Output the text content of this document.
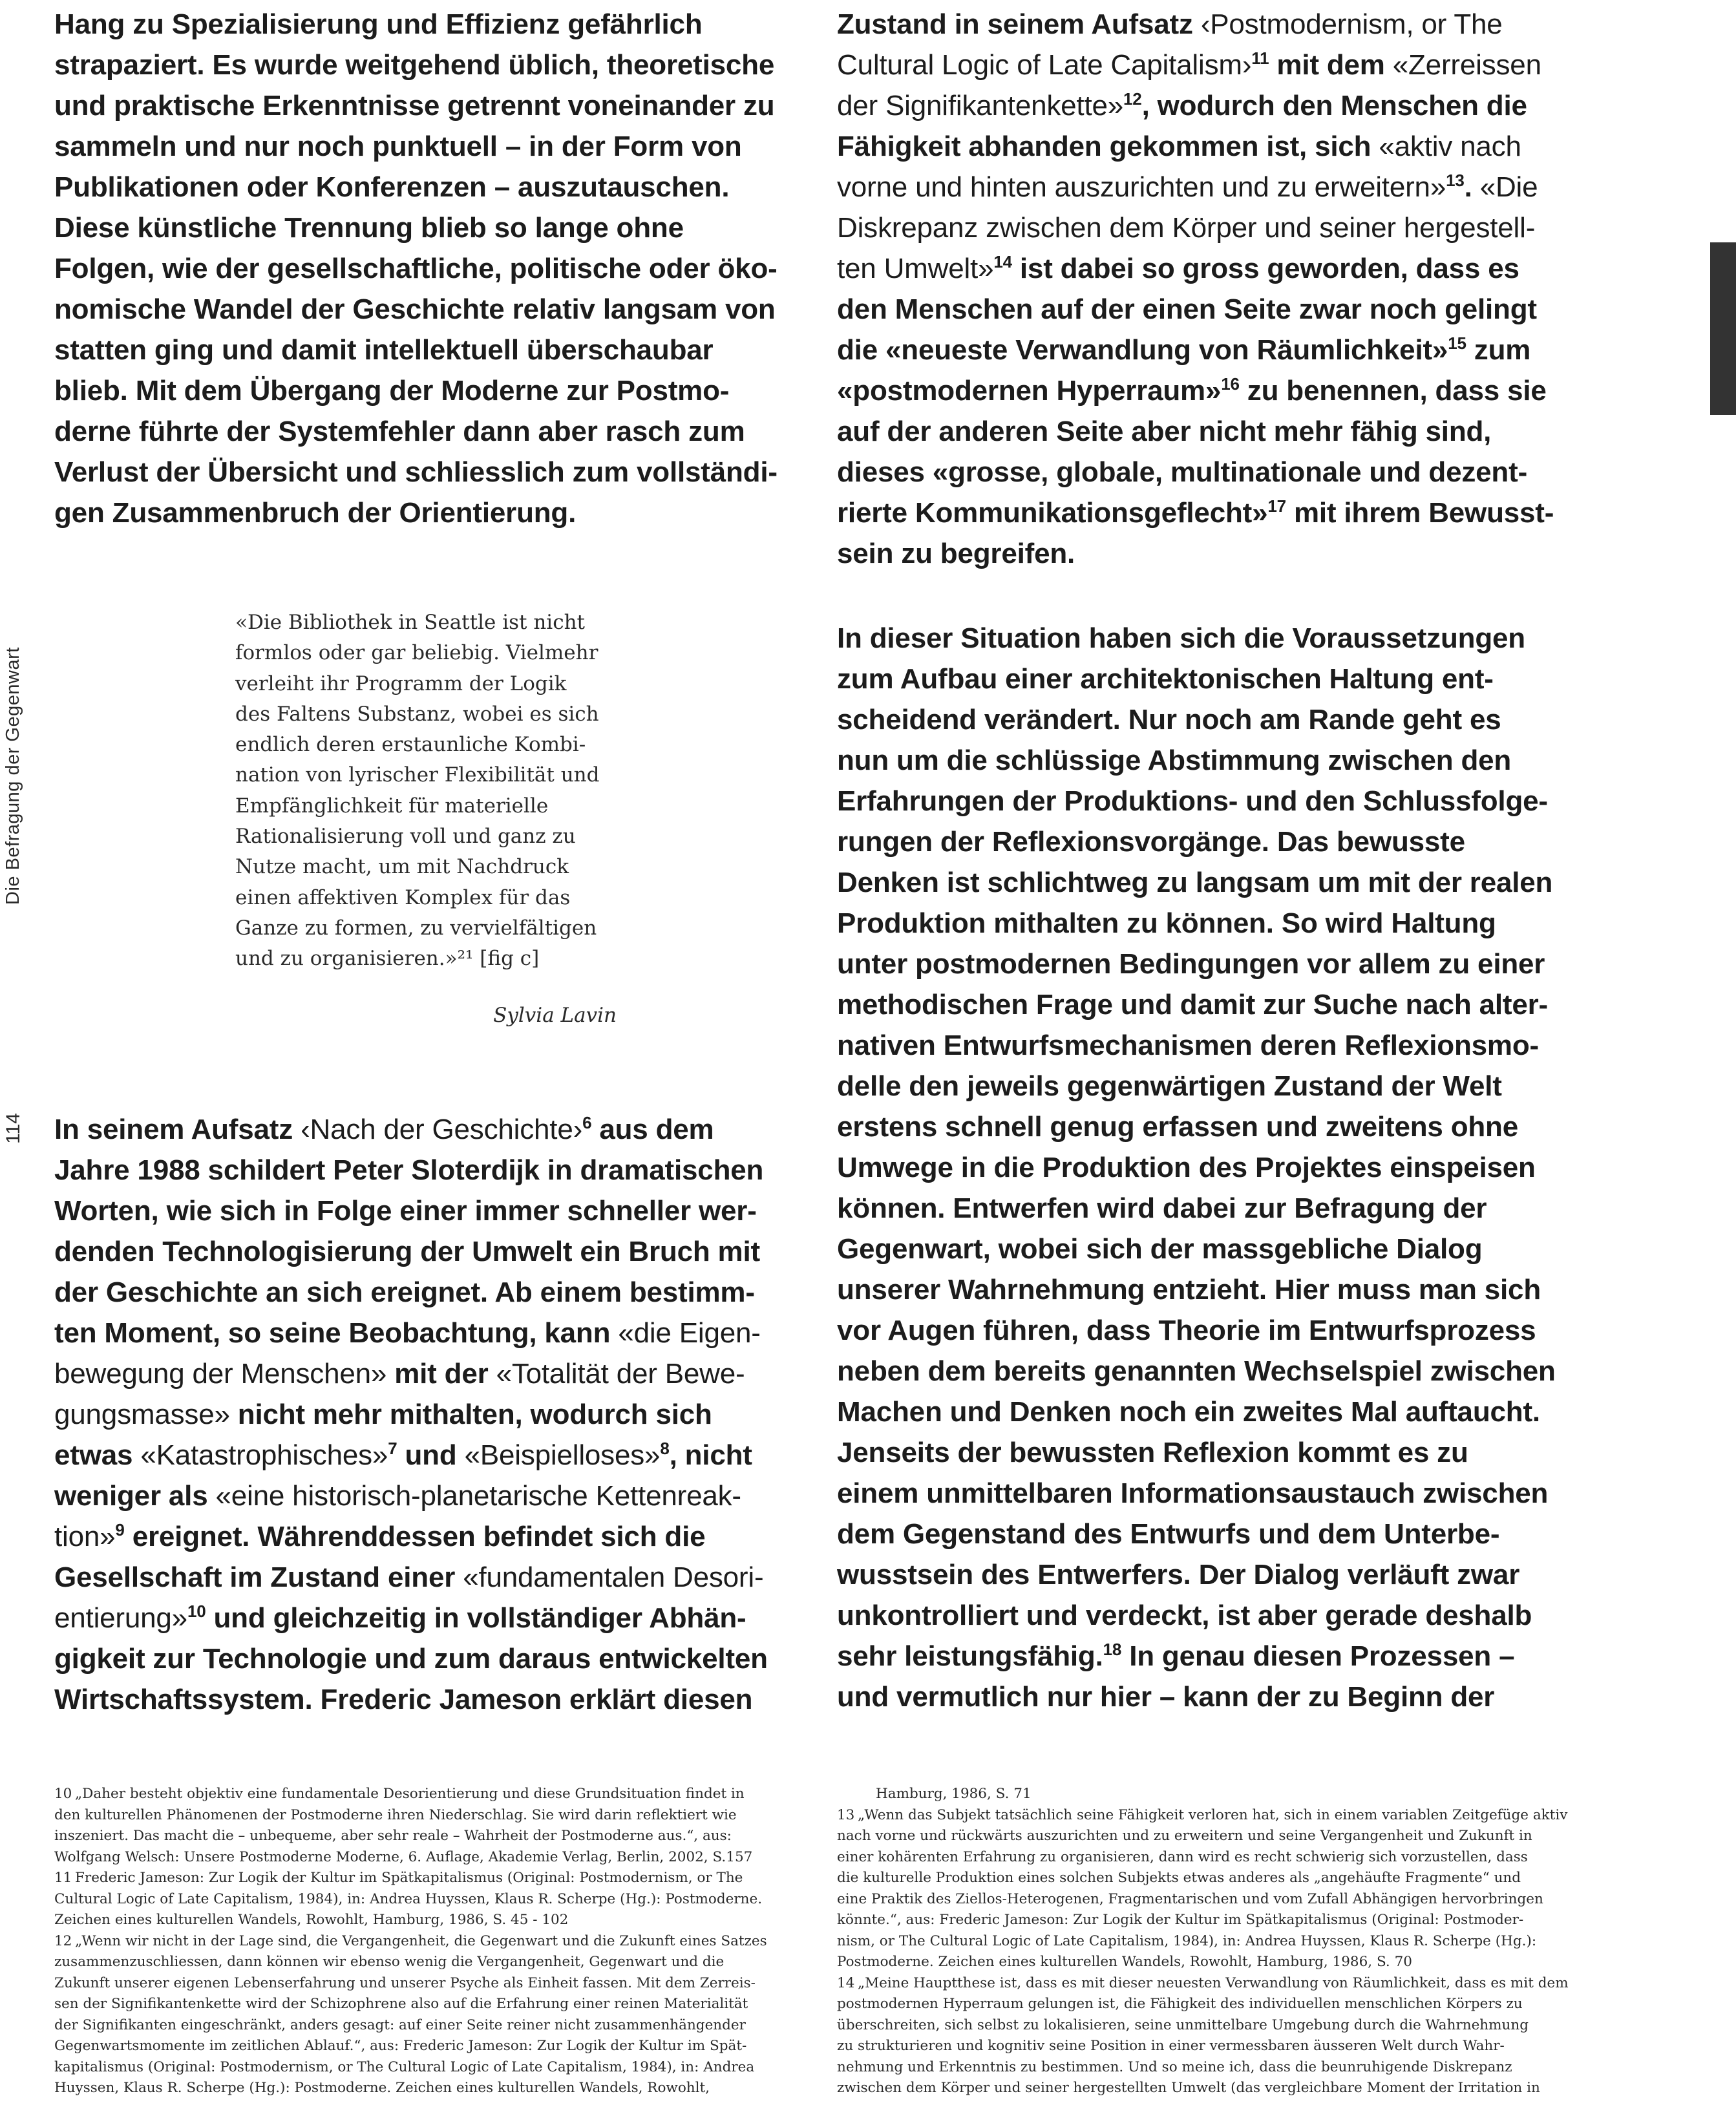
Die Befragung der Gegenwart
114
Hang zu Spezialisierung und Effizienz gefährlich
strapaziert. Es wurde weitgehend üblich, theoretische
und praktische Erkenntnisse getrennt voneinander zu
sammeln und nur noch punktuell – in der Form von
Publikationen oder Konferenzen – auszutauschen.
Diese künstliche Trennung blieb so lange ohne
Folgen, wie der gesellschaftliche, politische oder öko-
nomische Wandel der Geschichte relativ langsam von
statten ging und damit intellektuell überschaubar
blieb. Mit dem Übergang der Moderne zur Postmo-
derne führte der Systemfehler dann aber rasch zum
Verlust der Übersicht und schliesslich zum vollständi-
gen Zusammenbruch der Orientierung.
«Die Bibliothek in Seattle ist nicht
formlos oder gar beliebig. Vielmehr
verleiht ihr Programm der Logik
des Faltens Substanz, wobei es sich
endlich deren erstaunliche Kombi-
nation von lyrischer Flexibilität und
Empfänglichkeit für materielle
Rationalisierung voll und ganz zu
Nutze macht, um mit Nachdruck
einen affektiven Komplex für das
Ganze zu formen, zu vervielfältigen
und zu organisieren.»²¹ [fig c]
Sylvia Lavin
In seinem Aufsatz ‹Nach der Geschichte›$^6$ aus dem
Jahre 1988 schildert Peter Sloterdijk in dramatischen
Worten, wie sich in Folge einer immer schneller wer-
denden Technologisierung der Umwelt ein Bruch mit
der Geschichte an sich ereignet. Ab einem bestimm-
ten Moment, so seine Beobachtung, kann «die Eigen-
bewegung der Menschen» mit der «Totalität der Bewe-
gungsmasse» nicht mehr mithalten, wodurch sich
etwas «Katastrophisches»$^7$ und «Beispielloses»$^8$, nicht
weniger als «eine historisch-planetarische Kettenreak-
tion»$^9$ ereignet. Währenddessen befindet sich die
Gesellschaft im Zustand einer «fundamentalen Desori-
entierung»$^{10}$ und gleichzeitig in vollständiger Abhän-
gigkeit zur Technologie und zum daraus entwickelten
Wirtschaftssystem. Frederic Jameson erklärt diesen
Zustand in seinem Aufsatz ‹Postmodernism, or The
Cultural Logic of Late Capitalism›$^{11}$ mit dem «Zerreissen
der Signifikantenkette»$^{12}$, wodurch den Menschen die
Fähigkeit abhanden gekommen ist, sich «aktiv nach
vorne und hinten auszurichten und zu erweitern»$^{13}$. «Die
Diskrepanz zwischen dem Körper und seiner hergestell-
ten Umwelt»$^{14}$ ist dabei so gross geworden, dass es
den Menschen auf der einen Seite zwar noch gelingt
die «neueste Verwandlung von Räumlichkeit»$^{15}$ zum
«postmodernen Hyperraum»$^{16}$ zu benennen, dass sie
auf der anderen Seite aber nicht mehr fähig sind,
dieses «grosse, globale, multinationale und dezent-
rierte Kommunikationsgeflecht»$^{17}$ mit ihrem Bewusst-
sein zu begreifen.
In dieser Situation haben sich die Voraussetzungen
zum Aufbau einer architektonischen Haltung ent-
scheidend verändert. Nur noch am Rande geht es
nun um die schlüssige Abstimmung zwischen den
Erfahrungen der Produktions- und den Schlussfolge-
rungen der Reflexionsvorgänge. Das bewusste
Denken ist schlichtweg zu langsam um mit der realen
Produktion mithalten zu können. So wird Haltung
unter postmodernen Bedingungen vor allem zu einer
methodischen Frage und damit zur Suche nach alter-
nativen Entwurfsmechanismen deren Reflexionsmo-
delle den jeweils gegenwärtigen Zustand der Welt
erstens schnell genug erfassen und zweitens ohne
Umwege in die Produktion des Projektes einspeisen
können. Entwerfen wird dabei zur Befragung der
Gegenwart, wobei sich der massgebliche Dialog
unserer Wahrnehmung entzieht. Hier muss man sich
vor Augen führen, dass Theorie im Entwurfsprozess
neben dem bereits genannten Wechselspiel zwischen
Machen und Denken noch ein zweites Mal auftaucht.
Jenseits der bewussten Reflexion kommt es zu
einem unmittelbaren Informationsaustauch zwischen
dem Gegenstand des Entwurfs und dem Unterbe-
wusstsein des Entwerfers. Der Dialog verläuft zwar
unkontrolliert und verdeckt, ist aber gerade deshalb
sehr leistungsfähig.$^{18}$ In genau diesen Prozessen –
und vermutlich nur hier – kann der zu Beginn der
10 „Daher besteht objektiv eine fundamentale Desorientierung und diese Grundsituation findet in
den kulturellen Phänomenen der Postmoderne ihren Niederschlag. Sie wird darin reflektiert wie
inszeniert. Das macht die – unbequeme, aber sehr reale – Wahrheit der Postmoderne aus.“, aus:
Wolfgang Welsch: Unsere Postmoderne Moderne, 6. Auflage, Akademie Verlag, Berlin, 2002, S.157
11 Frederic Jameson: Zur Logik der Kultur im Spätkapitalismus (Original: Postmodernism, or The
Cultural Logic of Late Capitalism, 1984), in: Andrea Huyssen, Klaus R. Scherpe (Hg.): Postmoderne.
Zeichen eines kulturellen Wandels, Rowohlt, Hamburg, 1986, S. 45 - 102
12 „Wenn wir nicht in der Lage sind, die Vergangenheit, die Gegenwart und die Zukunft eines Satzes
zusammenzuschliessen, dann können wir ebenso wenig die Vergangenheit, Gegenwart und die
Zukunft unserer eigenen Lebenserfahrung und unserer Psyche als Einheit fassen. Mit dem Zerreis-
sen der Signifikantenkette wird der Schizophrene also auf die Erfahrung einer reinen Materialität
der Signifikanten eingeschränkt, anders gesagt: auf einer Seite reiner nicht zusammenhängender
Gegenwartsmomente im zeitlichen Ablauf.“, aus: Frederic Jameson: Zur Logik der Kultur im Spät-
kapitalismus (Original: Postmodernism, or The Cultural Logic of Late Capitalism, 1984), in: Andrea
Huyssen, Klaus R. Scherpe (Hg.): Postmoderne. Zeichen eines kulturellen Wandels, Rowohlt,
Hamburg, 1986, S. 71
13 „Wenn das Subjekt tatsächlich seine Fähigkeit verloren hat, sich in einem variablen Zeitgefüge aktiv
nach vorne und rückwärts auszurichten und zu erweitern und seine Vergangenheit und Zukunft in
einer kohärenten Erfahrung zu organisieren, dann wird es recht schwierig sich vorzustellen, dass
die kulturelle Produktion eines solchen Subjekts etwas anderes als „angehäufte Fragmente“ und
eine Praktik des Ziellos-Heterogenen, Fragmentarischen und vom Zufall Abhängigen hervorbringen
könnte.“, aus: Frederic Jameson: Zur Logik der Kultur im Spätkapitalismus (Original: Postmoder-
nism, or The Cultural Logic of Late Capitalism, 1984), in: Andrea Huyssen, Klaus R. Scherpe (Hg.):
Postmoderne. Zeichen eines kulturellen Wandels, Rowohlt, Hamburg, 1986, S. 70
14 „Meine Hauptthese ist, dass es mit dieser neuesten Verwandlung von Räumlichkeit, dass es mit dem
postmodernen Hyperraum gelungen ist, die Fähigkeit des individuellen menschlichen Körpers zu
überschreiten, sich selbst zu lokalisieren, seine unmittelbare Umgebung durch die Wahrnehmung
zu strukturieren und kognitiv seine Position in einer vermessbaren äusseren Welt durch Wahr-
nehmung und Erkenntnis zu bestimmen. Und so meine ich, dass die beunruhigende Diskrepanz
zwischen dem Körper und seiner hergestellten Umwelt (das vergleichbare Moment der Irritation in
